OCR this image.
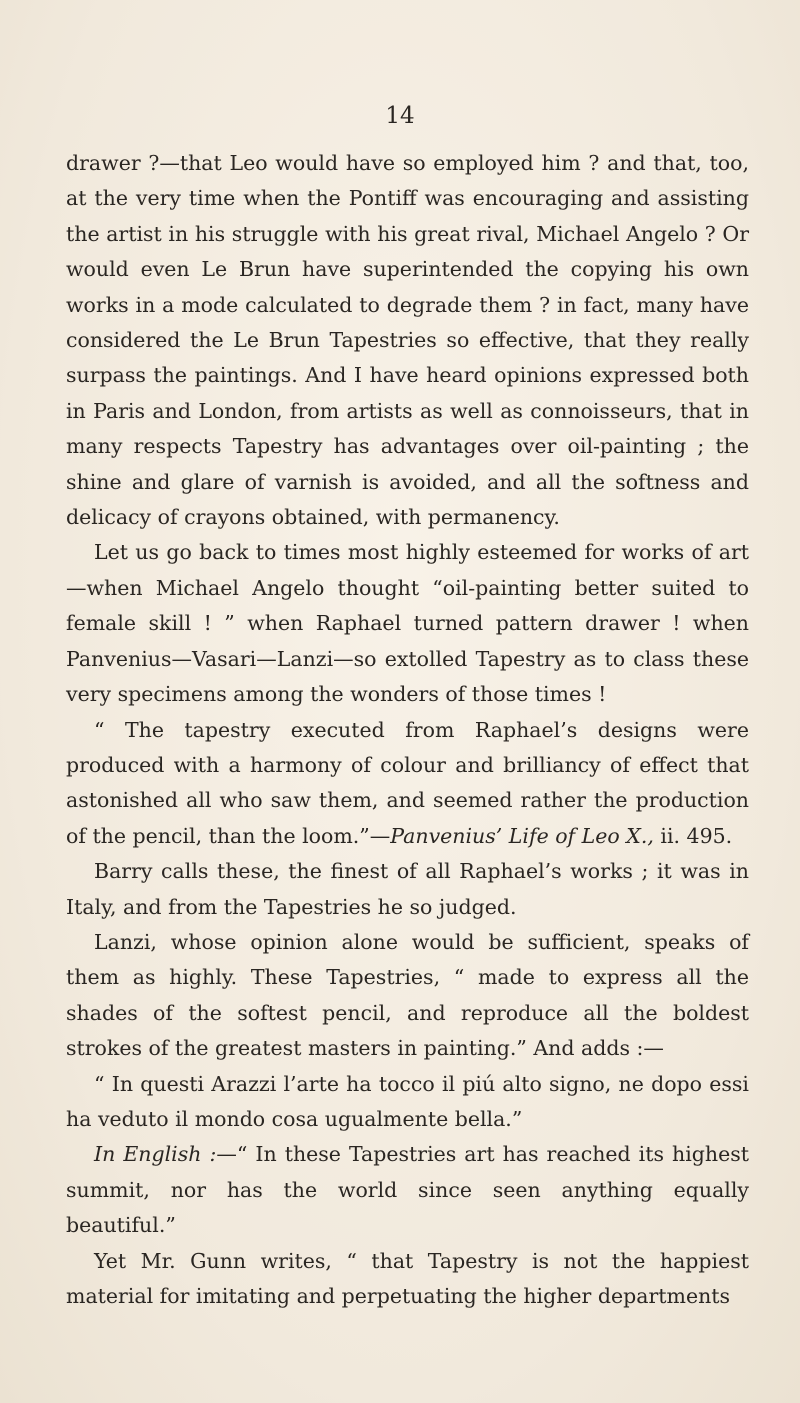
14

drawer ?—that Leo would have so employed him ? and that, too, at the very time when the Pontiff was encouraging and assisting the artist in his struggle with his great rival, Michael Angelo ? Or would even Le Brun have superintended the copying his own works in a mode calculated to degrade them ? in fact, many have considered the Le Brun Tapestries so effective, that they really surpass the paintings. And I have heard opinions expressed both in Paris and London, from artists as well as connoisseurs, that in many respects Tapestry has advantages over oil-painting ; the shine and glare of varnish is avoided, and all the softness and delicacy of crayons obtained, with permanency.

Let us go back to times most highly esteemed for works of art—when Michael Angelo thought “oil-painting better suited to female skill ! ” when Raphael turned pattern drawer ! when Panvenius—Vasari—Lanzi—so extolled Tapestry as to class these very specimens among the wonders of those times !

“ The tapestry executed from Raphael’s designs were produced with a harmony of colour and brilliancy of effect that astonished all who saw them, and seemed rather the production of the pencil, than the loom.”—Panvenius’ Life of Leo X., ii. 495.

Barry calls these, the finest of all Raphael’s works ; it was in Italy, and from the Tapestries he so judged.

Lanzi, whose opinion alone would be sufficient, speaks of them as highly. These Tapestries, “ made to express all the shades of the softest pencil, and reproduce all the boldest strokes of the greatest masters in painting.” And adds :—

“ In questi Arazzi l’arte ha tocco il piú alto signo, ne dopo essi ha veduto il mondo cosa ugualmente bella.”

In English :—“ In these Tapestries art has reached its highest summit, nor has the world since seen anything equally beautiful.”

Yet Mr. Gunn writes, “ that Tapestry is not the happiest material for imitating and perpetuating the higher departments
